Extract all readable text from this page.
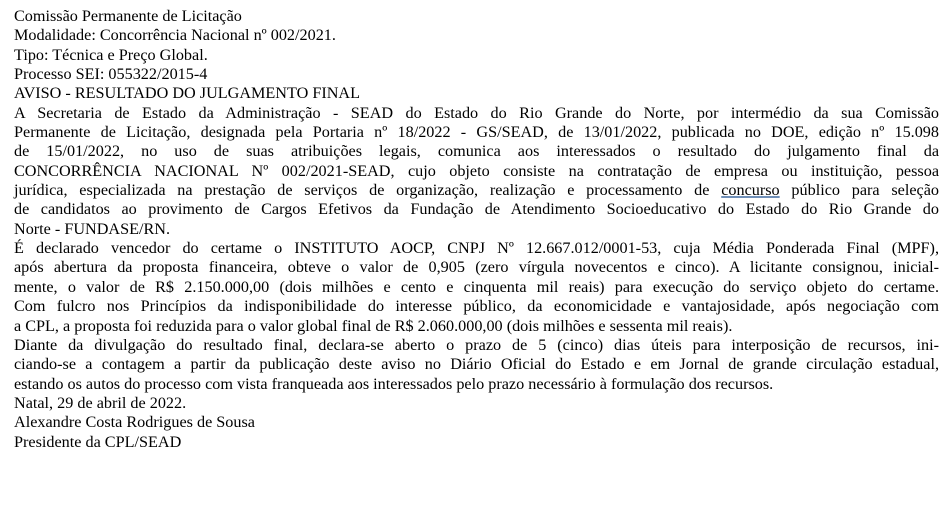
Comissão Permanente de Licitação
Modalidade: Concorrência Nacional nº 002/2021.
Tipo: Técnica e Preço Global.
Processo SEI: 055322/2015-4
AVISO - RESULTADO DO JULGAMENTO FINAL
A Secretaria de Estado da Administração - SEAD do Estado do Rio Grande do Norte, por intermédio da sua Comissão
Permanente de Licitação, designada pela Portaria nº 18/2022 - GS/SEAD, de 13/01/2022, publicada no DOE, edição nº 15.098
de 15/01/2022, no uso de suas atribuições legais, comunica aos interessados o resultado do julgamento final da
CONCORRÊNCIA NACIONAL Nº 002/2021-SEAD, cujo objeto consiste na contratação de empresa ou instituição, pessoa
jurídica, especializada na prestação de serviços de organização, realização e processamento de concurso público para seleção
de candidatos ao provimento de Cargos Efetivos da Fundação de Atendimento Socioeducativo do Estado do Rio Grande do
Norte - FUNDASE/RN.
É declarado vencedor do certame o INSTITUTO AOCP, CNPJ Nº 12.667.012/0001-53, cuja Média Ponderada Final (MPF),
após abertura da proposta financeira, obteve o valor de 0,905 (zero vírgula novecentos e cinco). A licitante consignou, inicial-
mente, o valor de R$ 2.150.000,00 (dois milhões e cento e cinquenta mil reais) para execução do serviço objeto do certame.
Com fulcro nos Princípios da indisponibilidade do interesse público, da economicidade e vantajosidade, após negociação com
a CPL, a proposta foi reduzida para o valor global final de R$ 2.060.000,00 (dois milhões e sessenta mil reais).
Diante da divulgação do resultado final, declara-se aberto o prazo de 5 (cinco) dias úteis para interposição de recursos, ini-
ciando-se a contagem a partir da publicação deste aviso no Diário Oficial do Estado e em Jornal de grande circulação estadual,
estando os autos do processo com vista franqueada aos interessados pelo prazo necessário à formulação dos recursos.
Natal, 29 de abril de 2022.
Alexandre Costa Rodrigues de Sousa
Presidente da CPL/SEAD
